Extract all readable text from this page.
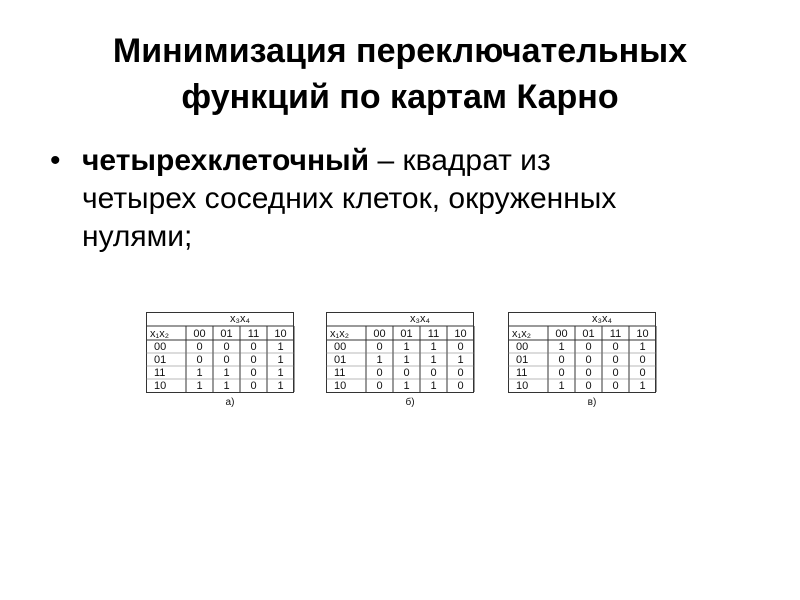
Минимизация переключательных
функций по картам Карно
• четырехклеточный – квадрат из
четырех соседних клеток, окруженных
нулями;
x₁x₂
x₃x₄
00 01 11 10
00	0 0 0 1
01	0 0 0 1
11	1 1 0 1
10	1 1 0 1
а)
x₁x₂
x₃x₄
00 01 11 10
00	0 1 1 0
01	1 1 1 1
11	0 0 0 0
10	0 1 1 0
б)
x₁x₂
x₃x₄
00 01 11 10
00	1 0 0 1
01	0 0 0 0
11	0 0 0 0
10	1 0 0 1
в)
